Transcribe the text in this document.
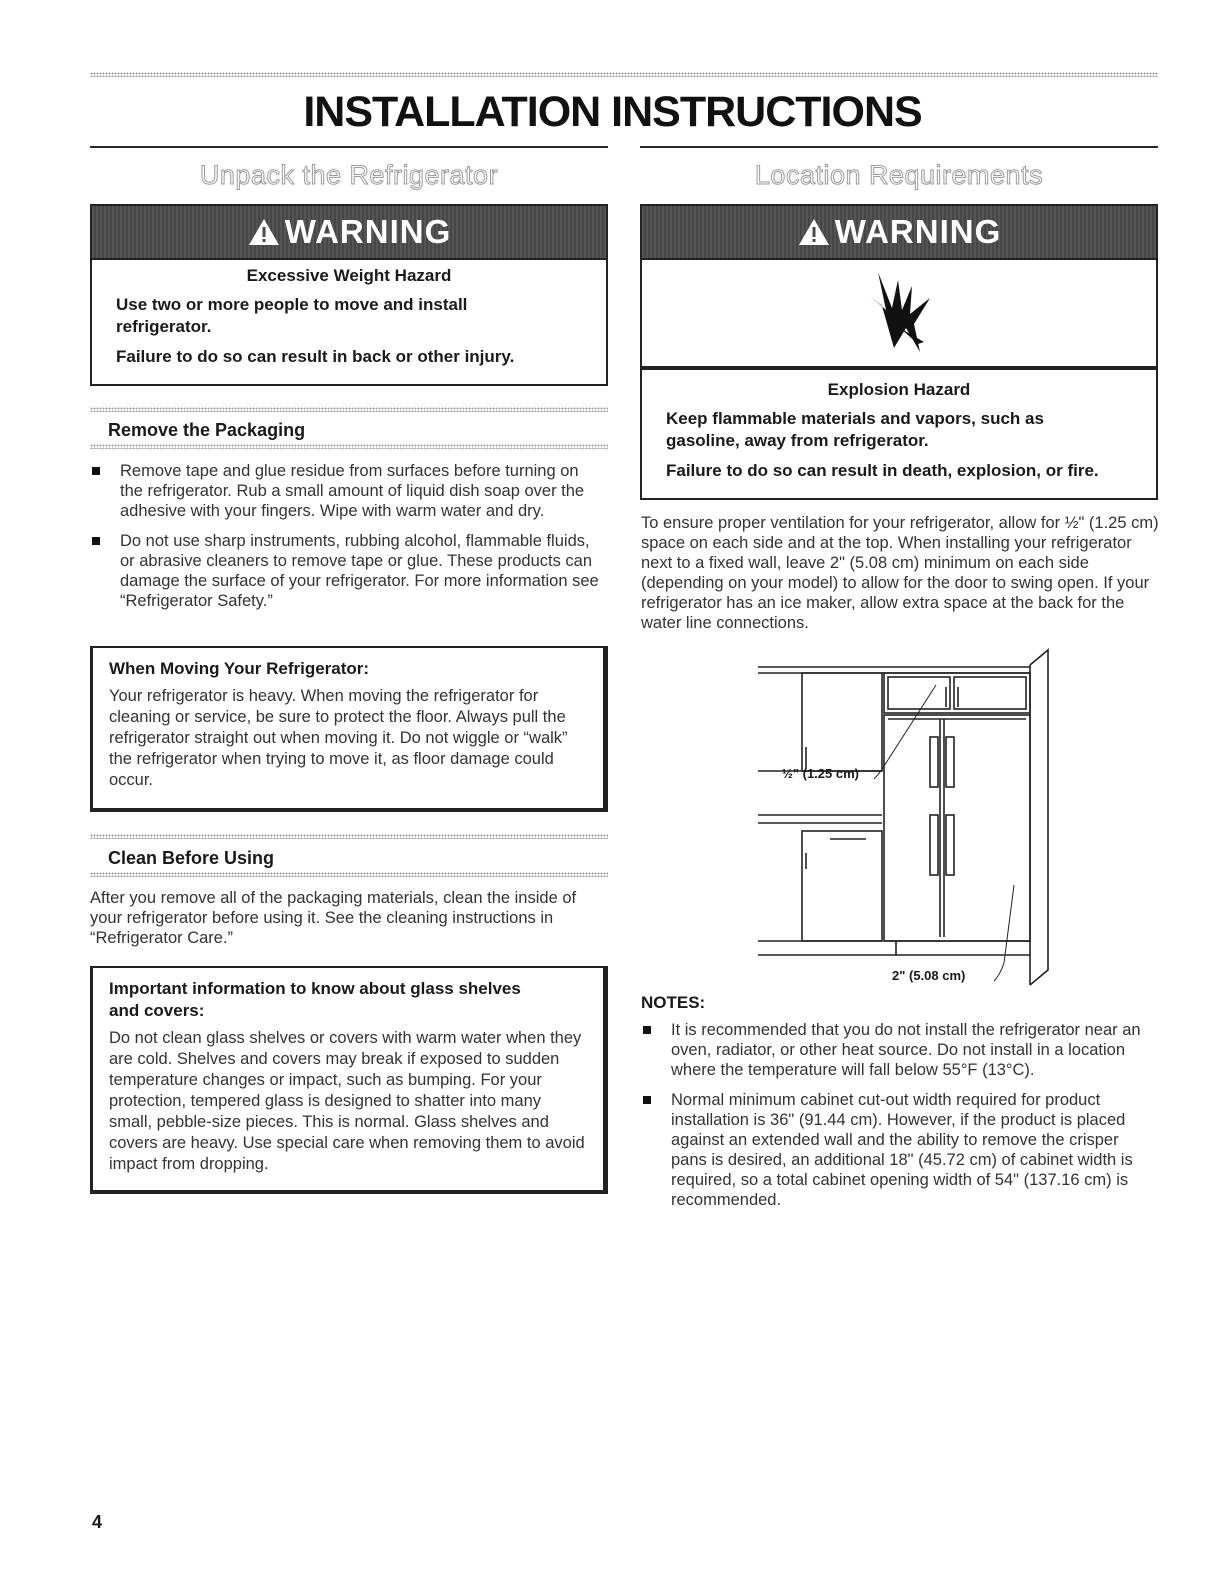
INSTALLATION INSTRUCTIONS
Unpack the Refrigerator
WARNING
Excessive Weight Hazard

Use two or more people to move and install refrigerator.

Failure to do so can result in back or other injury.

Remove the Packaging
Remove tape and glue residue from surfaces before turning on the refrigerator. Rub a small amount of liquid dish soap over the adhesive with your fingers. Wipe with warm water and dry.
Do not use sharp instruments, rubbing alcohol, flammable fluids, or abrasive cleaners to remove tape or glue. These products can damage the surface of your refrigerator. For more information see “Refrigerator Safety.”
When Moving Your Refrigerator:
Your refrigerator is heavy. When moving the refrigerator for cleaning or service, be sure to protect the floor. Always pull the refrigerator straight out when moving it. Do not wiggle or “walk” the refrigerator when trying to move it, as floor damage could occur.
Clean Before Using

After you remove all of the packaging materials, clean the inside of your refrigerator before using it. See the cleaning instructions in “Refrigerator Care.”

Important information to know about glass shelves and covers:
Do not clean glass shelves or covers with warm water when they are cold. Shelves and covers may break if exposed to sudden temperature changes or impact, such as bumping. For your protection, tempered glass is designed to shatter into many small, pebble-size pieces. This is normal. Glass shelves and covers are heavy. Use special care when removing them to avoid impact from dropping.
Location Requirements
WARNING
Explosion Hazard

Keep flammable materials and vapors, such as gasoline, away from refrigerator.

Failure to do so can result in death, explosion, or fire.

To ensure proper ventilation for your refrigerator, allow for ½" (1.25 cm) space on each side and at the top. When installing your refrigerator next to a fixed wall, leave 2" (5.08 cm) minimum on each side (depending on your model) to allow for the door to swing open. If your refrigerator has an ice maker, allow extra space at the back for the water line connections.

½" (1.25 cm)
2" (5.08 cm)
NOTES:
It is recommended that you do not install the refrigerator near an oven, radiator, or other heat source. Do not install in a location where the temperature will fall below 55°F (13°C).
Normal minimum cabinet cut-out width required for product installation is 36" (91.44 cm). However, if the product is placed against an extended wall and the ability to remove the crisper pans is desired, an additional 18" (45.72 cm) of cabinet width is required, so a total cabinet opening width of 54" (137.16 cm) is recommended.
4
